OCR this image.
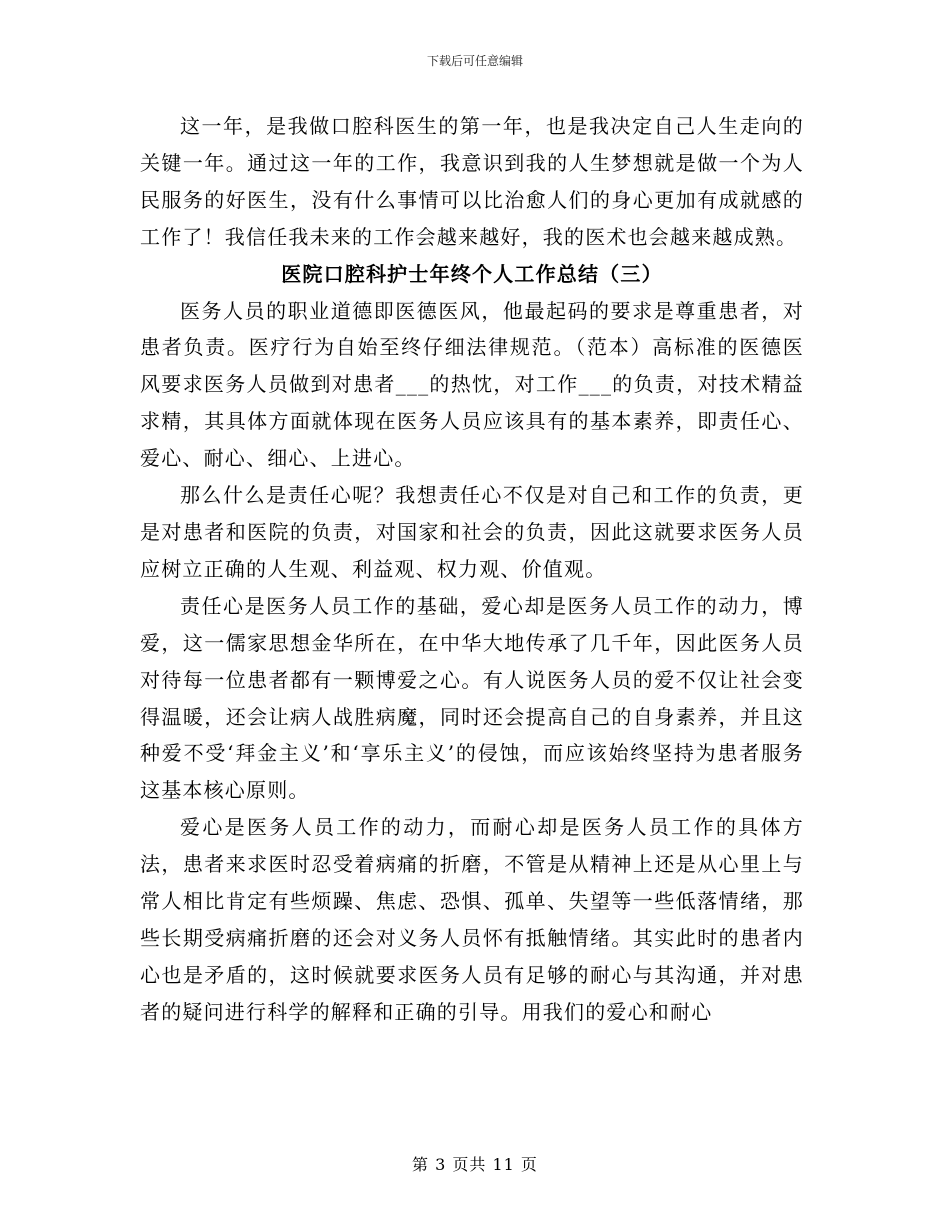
下载后可任意编辑

这一年，是我做口腔科医生的第一年，也是我决定自己人生走向的关键一年。通过这一年的工作，我意识到我的人生梦想就是做一个为人民服务的好医生，没有什么事情可以比治愈人们的身心更加有成就感的工作了！我信任我未来的工作会越来越好，我的医术也会越来越成熟。

医院口腔科护士年终个人工作总结（三）

医务人员的职业道德即医德医风，他最起码的要求是尊重患者，对患者负责。医疗行为自始至终仔细法律规范。（范本）高标准的医德医风要求医务人员做到对患者___的热忱，对工作___的负责，对技术精益求精，其具体方面就体现在医务人员应该具有的基本素养，即责任心、爱心、耐心、细心、上进心。

那么什么是责任心呢？我想责任心不仅是对自己和工作的负责，更是对患者和医院的负责，对国家和社会的负责，因此这就要求医务人员应树立正确的人生观、利益观、权力观、价值观。

责任心是医务人员工作的基础，爱心却是医务人员工作的动力，博爱，这一儒家思想金华所在，在中华大地传承了几千年，因此医务人员对待每一位患者都有一颗博爱之心。有人说医务人员的爱不仅让社会变得温暖，还会让病人战胜病魔，同时还会提高自己的自身素养，并且这种爱不受‘拜金主义’和‘享乐主义’的侵蚀，而应该始终坚持为患者服务这基本核心原则。

爱心是医务人员工作的动力，而耐心却是医务人员工作的具体方法，患者来求医时忍受着病痛的折磨，不管是从精神上还是从心里上与常人相比肯定有些烦躁、焦虑、恐惧、孤单、失望等一些低落情绪，那些长期受病痛折磨的还会对义务人员怀有抵触情绪。其实此时的患者内心也是矛盾的，这时候就要求医务人员有足够的耐心与其沟通，并对患者的疑问进行科学的解释和正确的引导。用我们的爱心和耐心

第 3 页共 11 页
